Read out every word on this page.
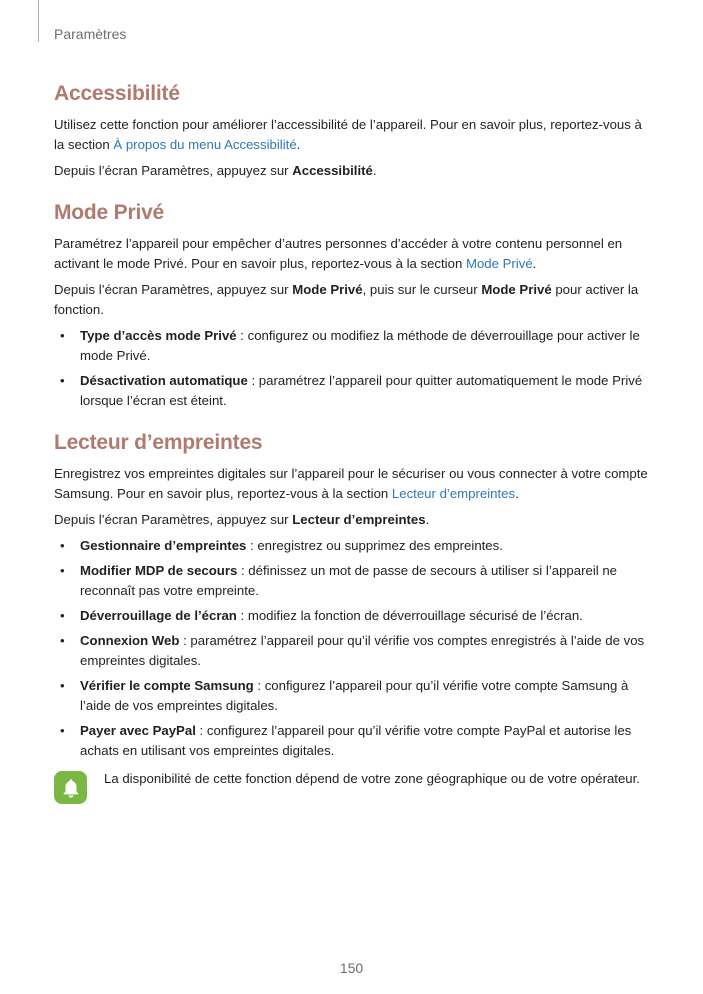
Paramètres
Accessibilité

Utilisez cette fonction pour améliorer l’accessibilité de l’appareil. Pour en savoir plus, reportez-vous à la section À propos du menu Accessibilité.

Depuis l’écran Paramètres, appuyez sur Accessibilité.

Mode Privé

Paramétrez l’appareil pour empêcher d’autres personnes d’accéder à votre contenu personnel en activant le mode Privé. Pour en savoir plus, reportez-vous à la section Mode Privé.

Depuis l’écran Paramètres, appuyez sur Mode Privé, puis sur le curseur Mode Privé pour activer la fonction.

• Type d’accès mode Privé : configurez ou modifiez la méthode de déverrouillage pour activer le mode Privé.
• Désactivation automatique : paramétrez l’appareil pour quitter automatiquement le mode Privé lorsque l’écran est éteint.
Lecteur d’empreintes

Enregistrez vos empreintes digitales sur l’appareil pour le sécuriser ou vous connecter à votre compte Samsung. Pour en savoir plus, reportez-vous à la section Lecteur d’empreintes.

Depuis l’écran Paramètres, appuyez sur Lecteur d’empreintes.

• Gestionnaire d’empreintes : enregistrez ou supprimez des empreintes.
• Modifier MDP de secours : définissez un mot de passe de secours à utiliser si l’appareil ne reconnaît pas votre empreinte.
• Déverrouillage de l’écran : modifiez la fonction de déverrouillage sécurisé de l’écran.
• Connexion Web : paramétrez l’appareil pour qu’il vérifie vos comptes enregistrés à l’aide de vos empreintes digitales.
• Vérifier le compte Samsung : configurez l’appareil pour qu’il vérifie votre compte Samsung à l’aide de vos empreintes digitales.
• Payer avec PayPal : configurez l’appareil pour qu’il vérifie votre compte PayPal et autorise les achats en utilisant vos empreintes digitales.

La disponibilité de cette fonction dépend de votre zone géographique ou de votre opérateur.

150
